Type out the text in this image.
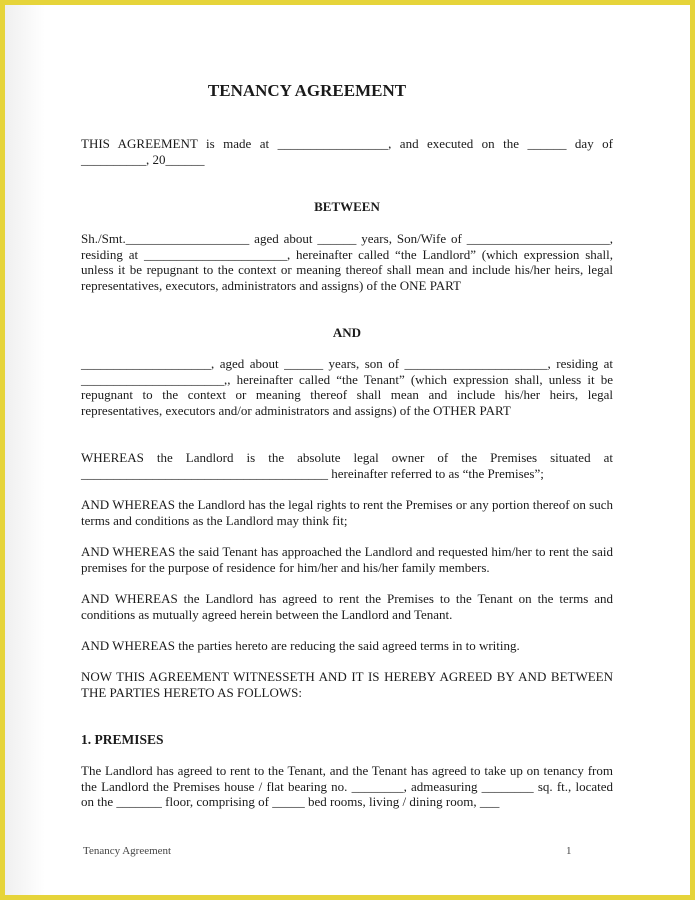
TENANCY AGREEMENT
THIS AGREEMENT is made at _________________, and executed on the ______ day of __________, 20______
BETWEEN
Sh./Smt.___________________ aged about ______ years, Son/Wife of ______________________, residing at ______________________, hereinafter called “the Landlord” (which expression shall, unless it be repugnant to the context or meaning thereof shall mean and include his/her heirs, legal representatives, executors, administrators and assigns) of the ONE PART
AND
____________________, aged about ______ years, son of ______________________, residing at ______________________,, hereinafter called “the Tenant” (which expression shall, unless it be repugnant to the context or meaning thereof shall mean and include his/her heirs, legal representatives, executors and/or administrators and assigns) of the OTHER PART
WHEREAS the Landlord is the absolute legal owner of the Premises situated at ______________________________________ hereinafter referred to as “the Premises”;
AND WHEREAS the Landlord has the legal rights to rent the Premises or any portion thereof on such terms and conditions as the Landlord may think fit;
AND WHEREAS the said Tenant has approached the Landlord and requested him/her to rent the said premises for the purpose of residence for him/her and his/her family members.
AND WHEREAS the Landlord has agreed to rent the Premises to the Tenant on the terms and conditions as mutually agreed herein between the Landlord and Tenant.
AND WHEREAS the parties hereto are reducing the said agreed terms in to writing.
NOW THIS AGREEMENT WITNESSETH AND IT IS HEREBY AGREED BY AND BETWEEN THE PARTIES HERETO AS FOLLOWS:
1. PREMISES
The Landlord has agreed to rent to the Tenant, and the Tenant has agreed to take up on tenancy from the Landlord the Premises house / flat bearing no. ________, admeasuring ________ sq. ft., located on the _______ floor, comprising of _____ bed rooms, living / dining room, ___
Tenancy Agreement	1
